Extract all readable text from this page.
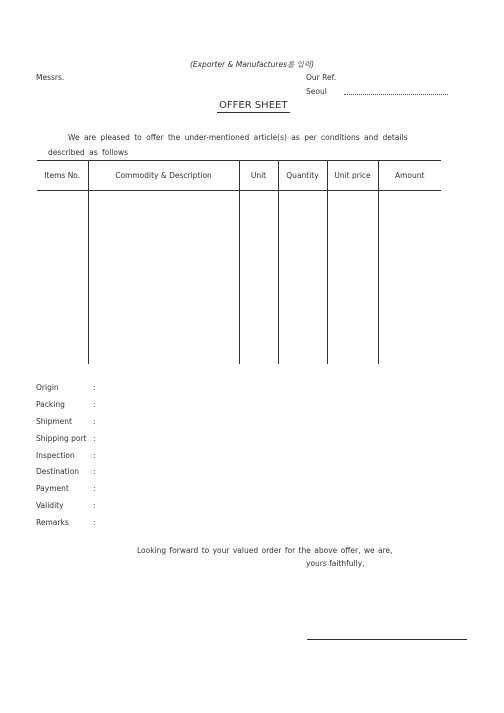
(Exporter & Manufactures를 입력)
Messrs.	Our Ref.
Seoul
OFFER SHEET
We are pleased to offer the under-mentioned article(s) as per conditions and details
described as follows
Items No.	Commodity & Description	Unit	Quantity	Unit price	Amount

Origin	:
Packing	:
Shipment	:
Shipping port :
Inspection :
Destination :
Payment	:
Validity	:
Remarks	:
Looking forward to your valued order for the above offer, we are,
yours faithfully,
